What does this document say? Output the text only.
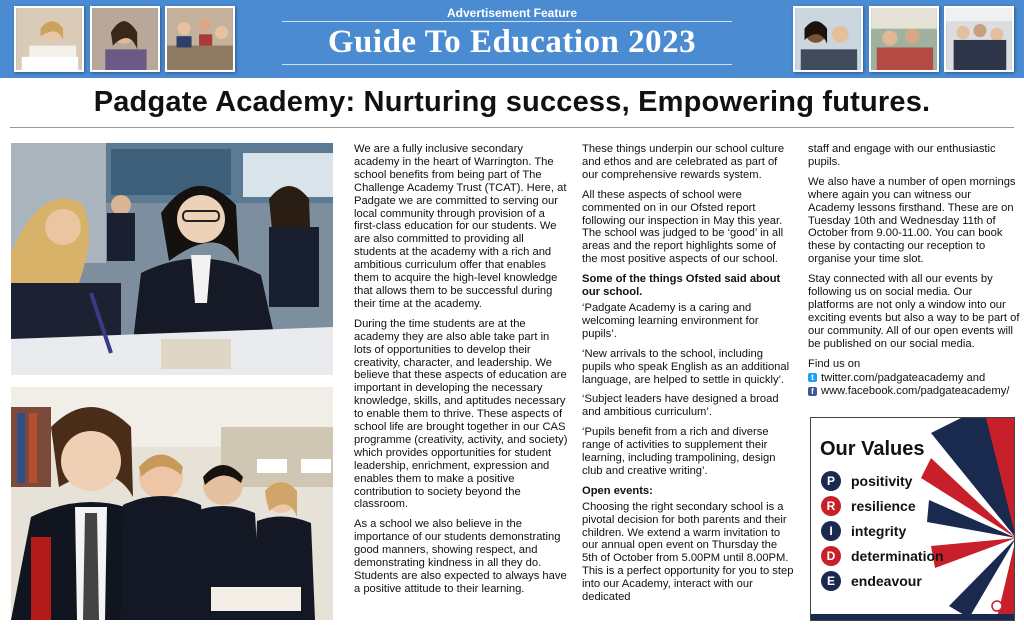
Advertisement Feature
Guide To Education 2023
Padgate Academy: Nurturing success, Empowering futures.

We are a fully inclusive secondary academy in the heart of Warrington. The school benefits from being part of The Challenge Academy Trust (TCAT). Here, at Padgate we are committed to serving our local community through provision of a first-class education for our students. We are also committed to providing all students at the academy with a rich and ambitious curriculum offer that enables them to acquire the high-level knowledge that allows them to be successful during their time at the academy.

During the time students are at the academy they are also able take part in lots of opportunities to develop their creativity, character, and leadership. We believe that these aspects of education are important in developing the necessary knowledge, skills, and aptitudes necessary to enable them to thrive. These aspects of school life are brought together in our CAS programme (creativity, activity, and society) which provides opportunities for student leadership, enrichment, expression and enables them to make a positive contribution to society beyond the classroom.

As a school we also believe in the importance of our students demonstrating good manners, showing respect, and demonstrating kindness in all they do. Students are also expected to always have a positive attitude to their learning.

These things underpin our school culture and ethos and are celebrated as part of our comprehensive rewards system.

All these aspects of school were commented on in our Ofsted report following our inspection in May this year. The school was judged to be ‘good’ in all areas and the report highlights some of the most positive aspects of our school.

Some of the things Ofsted said about our school.

‘Padgate Academy is a caring and welcoming learning environment for pupils’.

‘New arrivals to the school, including pupils who speak English as an additional language, are helped to settle in quickly’.

‘Subject leaders have designed a broad and ambitious curriculum’.

‘Pupils benefit from a rich and diverse range of activities to supplement their learning, including trampolining, design club and creative writing’.

Open events:

Choosing the right secondary school is a pivotal decision for both parents and their children. We extend a warm invitation to our annual open event on Thursday the 5th of October from 5.00PM until 8.00PM. This is a perfect opportunity for you to step into our Academy, interact with our dedicated

staff and engage with our enthusiastic pupils.

We also have a number of open mornings where again you can witness our Academy lessons firsthand. These are on Tuesday 10th and Wednesday 11th of October from 9.00-11.00. You can book these by contacting our reception to organise your time slot.

Stay connected with all our events by following us on social media. Our platforms are not only a window into our exciting events but also a way to be part of our community. All of our open events will be published on our social media.

Find us on
t twitter.com/padgateacademy and
f www.facebook.com/padgateacademy/
Our Values
P	positivity
R	resilience
I	integrity
D	determination
E	endeavour
